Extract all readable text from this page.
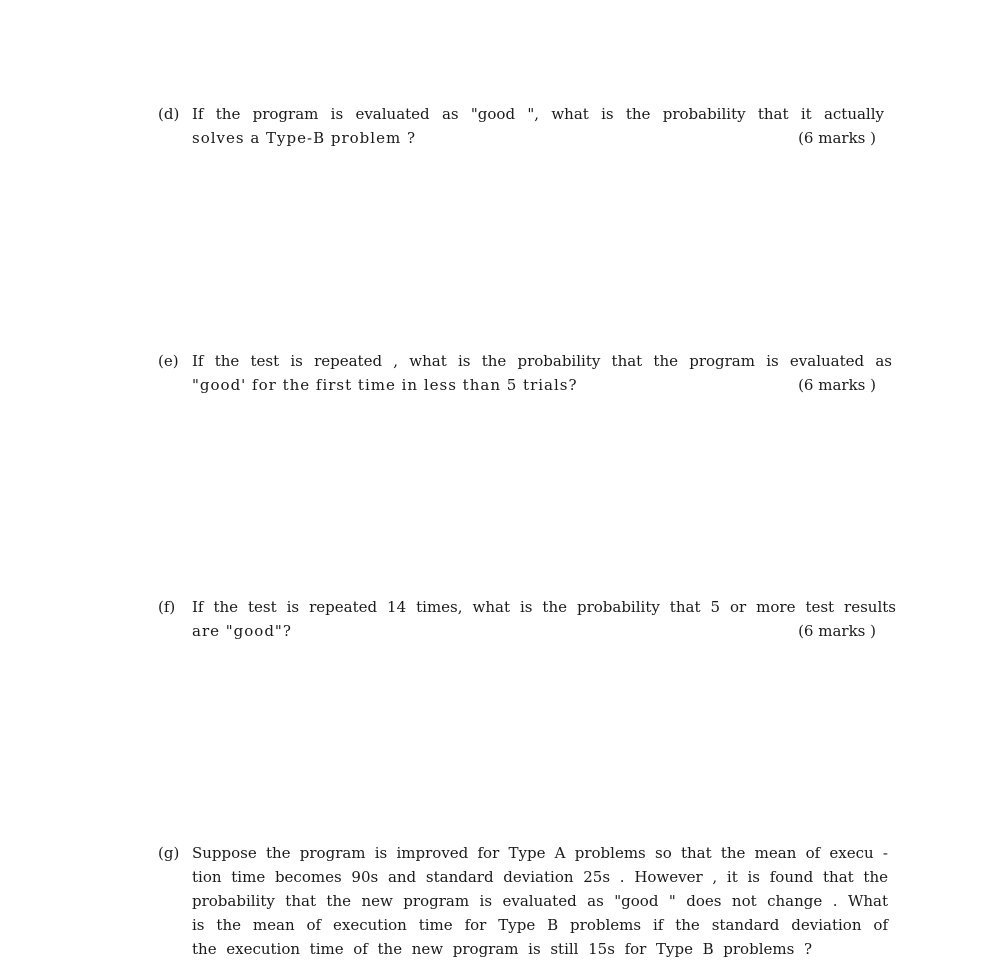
(d) If the program is evaluated as "good ", what is the probability that it actually
solves a Type-B problem ?	(6 marks )
(e) If the test is repeated , what is the probability that the program is evaluated as
"good' for the first time in less than 5 trials?	(6 marks )
(f) If the test is repeated 14 times, what is the probability that 5 or more test results
are "good"?	(6 marks )
(g) Suppose the program is improved for Type A problems so that the mean of execu -
tion time becomes 90s and standard deviation 25s . However , it is found that the
probability that the new program is evaluated as "good " does not change . What
is the mean of execution time for Type B problems if the standard deviation of
the execution time of the new program is still 15s for Type B problems ?
